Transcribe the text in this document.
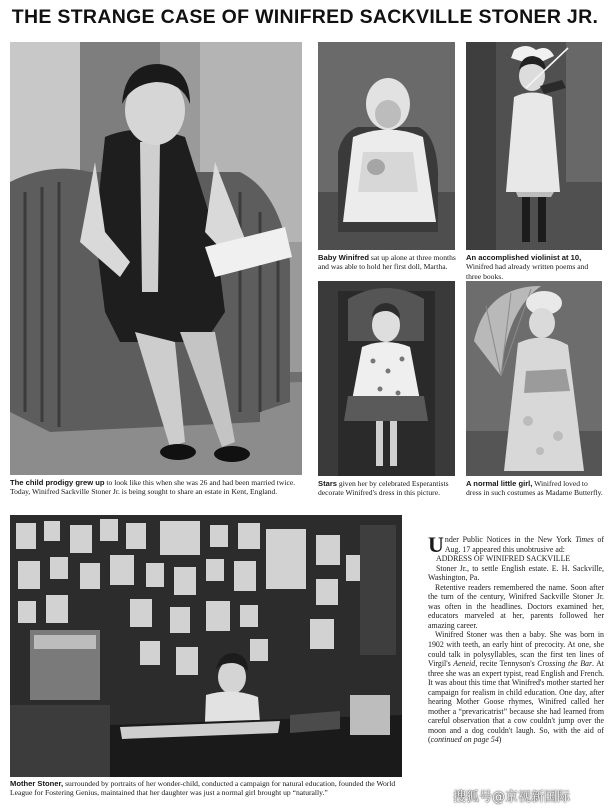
THE STRANGE CASE OF WINIFRED SACKVILLE STONER JR.
The child prodigy grew up to look like this when she was 26 and had been married twice. Today, Winifred Sackville Stoner Jr. is being sought to share an estate in Kent, England.
Baby Winifred sat up alone at three months and was able to hold her first doll, Martha.
An accomplished violinist at 10, Winifred had already written poems and three books.
Stars given her by celebrated Esperantists decorate Winifred's dress in this picture.
A normal little girl, Winifred loved to dress in such costumes as Madame Butterfly.
Mother Stoner, surrounded by portraits of her wonder-child, conducted a campaign for natural education, founded the World League for Fostering Genius, maintained that her daughter was just a normal girl brought up “naturally.”

Under Public Notices in the New York Times of Aug. 17 appeared this unobtrusive ad:

ADDRESS OF WINIFRED SACKVILLE

Stoner Jr., to settle English estate. E. H. Sackville, Washington, Pa.

Retentive readers remembered the name. Soon after the turn of the century, Winifred Sackville Stoner Jr. was often in the headlines. Doctors examined her, educators marveled at her, parents followed her amazing career.

Winifred Stoner was then a baby. She was born in 1902 with teeth, an early hint of precocity. At one, she could talk in polysyllables, scan the first ten lines of Virgil's Aeneid, recite Tennyson's Crossing the Bar. At three she was an expert typist, read English and French. It was about this time that Winifred's mother started her campaign for realism in child education. One day, after hearing Mother Goose rhymes, Winifred called her mother a “prevaricatrist” because she had learned from careful observation that a cow couldn't jump over the moon and a dog couldn't laugh. So, with the aid of (continued on page 54)

搜狐号@京视新国际
